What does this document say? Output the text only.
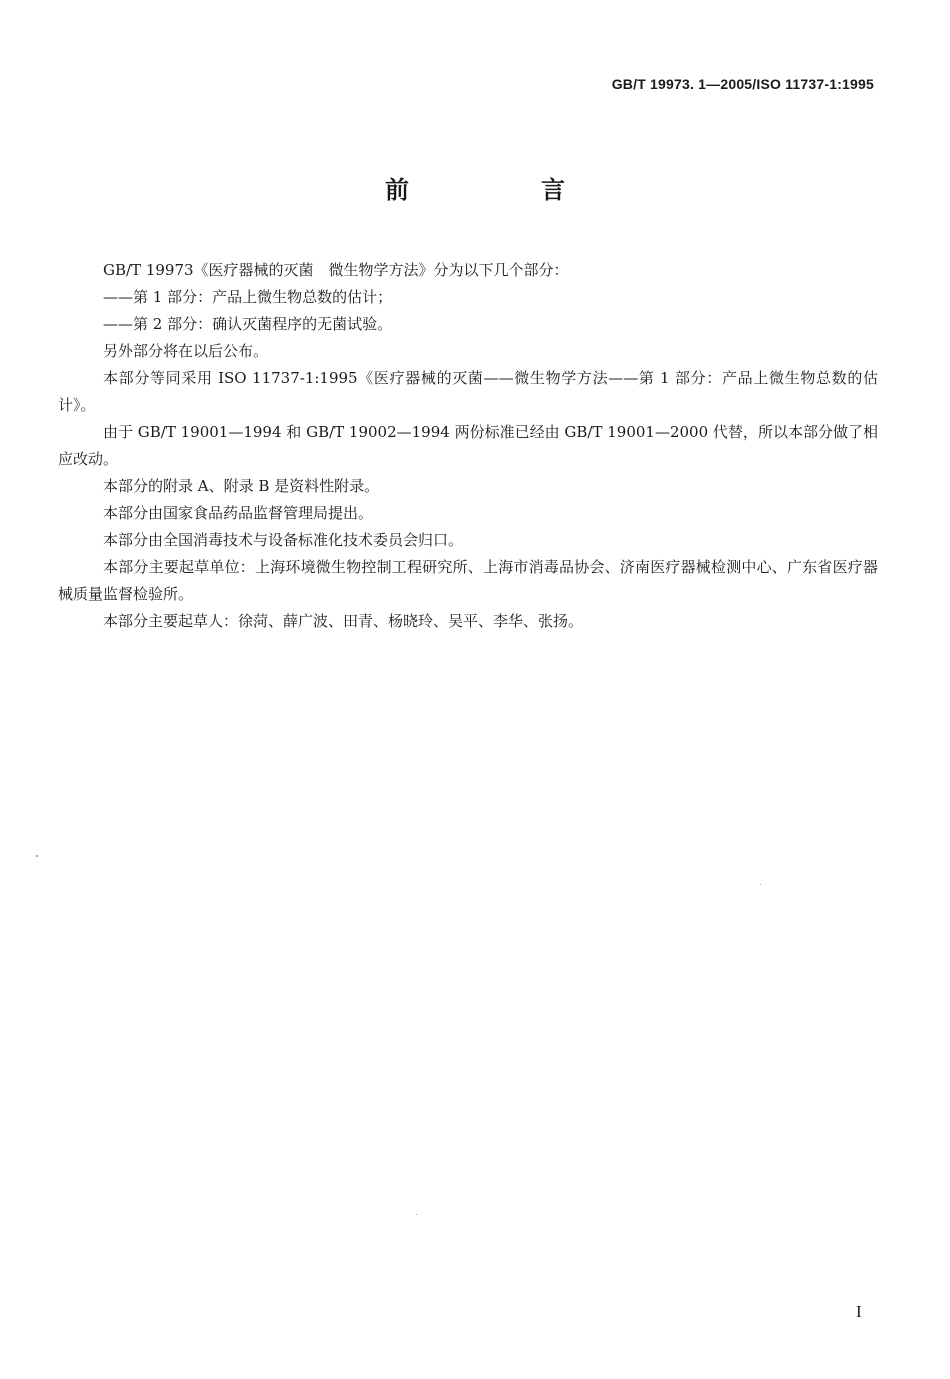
GB/T 19973. 1—2005/ISO 11737-1:1995
前　言

GB/T 19973《医疗器械的灭菌　微生物学方法》分为以下几个部分：

——第 1 部分：产品上微生物总数的估计；

——第 2 部分：确认灭菌程序的无菌试验。

另外部分将在以后公布。

本部分等同采用 ISO 11737-1:1995《医疗器械的灭菌——微生物学方法——第 1 部分：产品上微生物总数的估计》。

由于 GB/T 19001—1994 和 GB/T 19002—1994 两份标准已经由 GB/T 19001—2000 代替，所以本部分做了相应改动。

本部分的附录 A、附录 B 是资料性附录。

本部分由国家食品药品监督管理局提出。

本部分由全国消毒技术与设备标准化技术委员会归口。

本部分主要起草单位：上海环境微生物控制工程研究所、上海市消毒品协会、济南医疗器械检测中心、广东省医疗器械质量监督检验所。

本部分主要起草人：徐菏、薛广波、田青、杨晓玲、吴平、李华、张扬。

I
